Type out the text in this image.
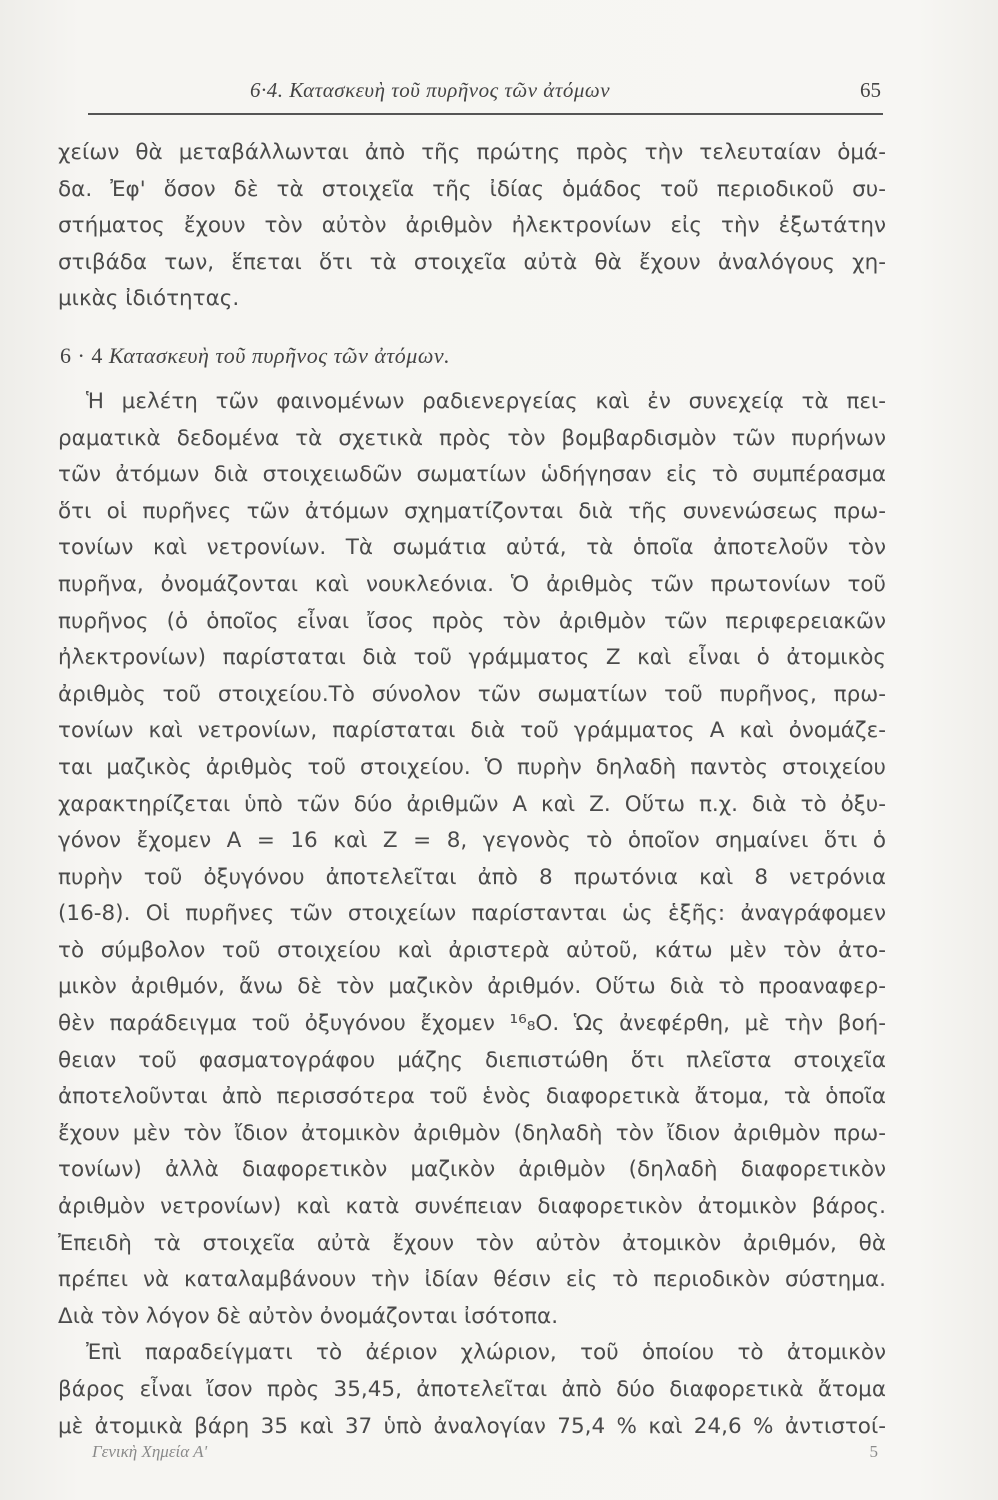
6·4. Κατασκευὴ τοῦ πυρῆνος τῶν ἀτόμων	65
χείων θὰ μεταβάλλωνται ἀπὸ τῆς πρώτης πρὸς τὴν τελευταίαν ὁμά-
δα. Ἐφ' ὅσον δὲ τὰ στοιχεῖα τῆς ἰδίας ὁμάδος τοῦ περιοδικοῦ συ-
στήματος ἔχουν τὸν αὐτὸν ἀριθμὸν ἠλεκτρονίων εἰς τὴν ἐξωτάτην
στιβάδα των, ἕπεται ὅτι τὰ στοιχεῖα αὐτὰ θὰ ἔχουν ἀναλόγους χη-
μικὰς ἰδιότητας.
6 · 4 Κατασκευὴ τοῦ πυρῆνος τῶν ἀτόμων.
Ἡ μελέτη τῶν φαινομένων ραδιενεργείας καὶ ἐν συνεχείᾳ τὰ πει-
ραματικὰ δεδομένα τὰ σχετικὰ πρὸς τὸν βομβαρδισμὸν τῶν πυρήνων
τῶν ἀτόμων διὰ στοιχειωδῶν σωματίων ὡδήγησαν εἰς τὸ συμπέρασμα
ὅτι οἱ πυρῆνες τῶν ἀτόμων σχηματίζονται διὰ τῆς συνενώσεως πρω-
τονίων καὶ νετρονίων. Τὰ σωμάτια αὐτά, τὰ ὁποῖα ἀποτελοῦν τὸν
πυρῆνα, ὀνομάζονται καὶ νουκλεόνια. Ὁ ἀριθμὸς τῶν πρωτονίων τοῦ
πυρῆνος (ὁ ὁποῖος εἶναι ἴσος πρὸς τὸν ἀριθμὸν τῶν περιφερειακῶν
ἠλεκτρονίων) παρίσταται διὰ τοῦ γράμματος Ζ καὶ εἶναι ὁ ἀτομικὸς
ἀριθμὸς τοῦ στοιχείου.Τὸ σύνολον τῶν σωματίων τοῦ πυρῆνος, πρω-
τονίων καὶ νετρονίων, παρίσταται διὰ τοῦ γράμματος Α καὶ ὀνομάζε-
ται μαζικὸς ἀριθμὸς τοῦ στοιχείου. Ὁ πυρὴν δηλαδὴ παντὸς στοιχείου
χαρακτηρίζεται ὑπὸ τῶν δύο ἀριθμῶν Α καὶ Ζ. Οὕτω π.χ. διὰ τὸ ὀξυ-
γόνον ἔχομεν Α = 16 καὶ Ζ = 8, γεγονὸς τὸ ὁποῖον σημαίνει ὅτι ὁ
πυρὴν τοῦ ὀξυγόνου ἀποτελεῖται ἀπὸ 8 πρωτόνια καὶ 8 νετρόνια
(16-8). Οἱ πυρῆνες τῶν στοιχείων παρίστανται ὡς ἑξῆς: ἀναγράφομεν
τὸ σύμβολον τοῦ στοιχείου καὶ ἀριστερὰ αὐτοῦ, κάτω μὲν τὸν ἀτο-
μικὸν ἀριθμόν, ἄνω δὲ τὸν μαζικὸν ἀριθμόν. Οὕτω διὰ τὸ προαναφερ-
θὲν παράδειγμα τοῦ ὀξυγόνου ἔχομεν ¹⁶₈Ο. Ὡς ἀνεφέρθη, μὲ τὴν βοή-
θειαν τοῦ φασματογράφου μάζης διεπιστώθη ὅτι πλεῖστα στοιχεῖα
ἀποτελοῦνται ἀπὸ περισσότερα τοῦ ἑνὸς διαφορετικὰ ἄτομα, τὰ ὁποῖα
ἔχουν μὲν τὸν ἴδιον ἀτομικὸν ἀριθμὸν (δηλαδὴ τὸν ἴδιον ἀριθμὸν πρω-
τονίων) ἀλλὰ διαφορετικὸν μαζικὸν ἀριθμὸν (δηλαδὴ διαφορετικὸν
ἀριθμὸν νετρονίων) καὶ κατὰ συνέπειαν διαφορετικὸν ἀτομικὸν βάρος.
Ἐπειδὴ τὰ στοιχεῖα αὐτὰ ἔχουν τὸν αὐτὸν ἀτομικὸν ἀριθμόν, θὰ
πρέπει νὰ καταλαμβάνουν τὴν ἰδίαν θέσιν εἰς τὸ περιοδικὸν σύστημα.
Διὰ τὸν λόγον δὲ αὐτὸν ὀνομάζονται ἰσότοπα.
Ἐπὶ παραδείγματι τὸ ἀέριον χλώριον, τοῦ ὁποίου τὸ ἀτομικὸν
βάρος εἶναι ἴσον πρὸς 35,45, ἀποτελεῖται ἀπὸ δύο διαφορετικὰ ἄτομα
μὲ ἀτομικὰ βάρη 35 καὶ 37 ὑπὸ ἀναλογίαν 75,4 % καὶ 24,6 % ἀντιστοί-
Γενικὴ Χημεία Α'	5
